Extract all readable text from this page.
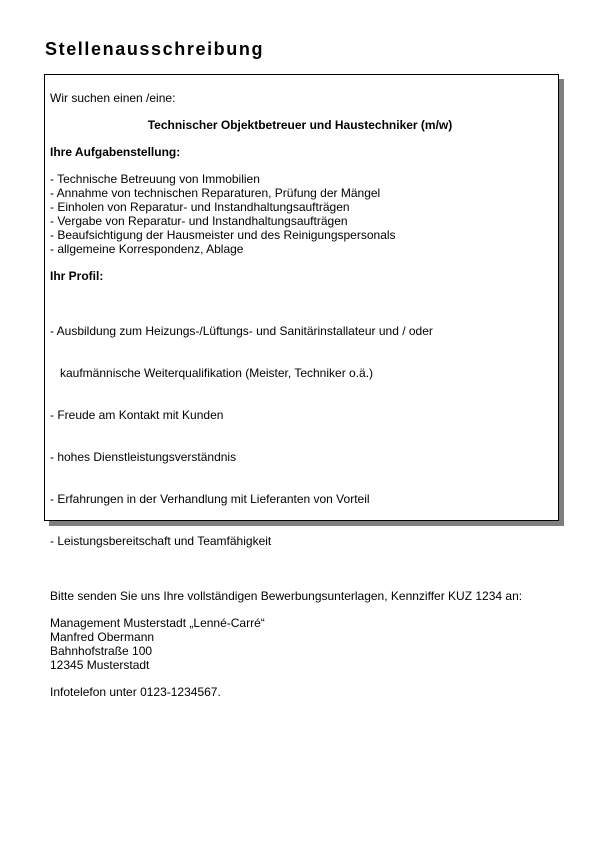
Stellenausschreibung
Wir suchen einen /eine:
Technischer Objektbetreuer und Haustechniker (m/w)
Ihre Aufgabenstellung:
- Technische Betreuung von Immobilien
- Annahme von technischen Reparaturen, Prüfung der Mängel
- Einholen von Reparatur- und Instandhaltungsaufträgen
- Vergabe von Reparatur- und Instandhaltungsaufträgen
- Beaufsichtigung der Hausmeister und des Reinigungspersonals
- allgemeine Korrespondenz, Ablage
Ihr Profil:

- Ausbildung zum Heizungs-/Lüftungs- und Sanitärinstallateur und / oder

kaufmännische Weiterqualifikation (Meister, Techniker o.ä.)

- Freude am Kontakt mit Kunden

- hohes Dienstleistungsverständnis

- Erfahrungen in der Verhandlung mit Lieferanten von Vorteil

- Leistungsbereitschaft und Teamfähigkeit

Bitte senden Sie uns Ihre vollständigen Bewerbungsunterlagen, Kennziffer KUZ 1234 an:
Management Musterstadt „Lenné-Carré“
Manfred Obermann
Bahnhofstraße 100
12345 Musterstadt
Infotelefon unter 0123-1234567.
